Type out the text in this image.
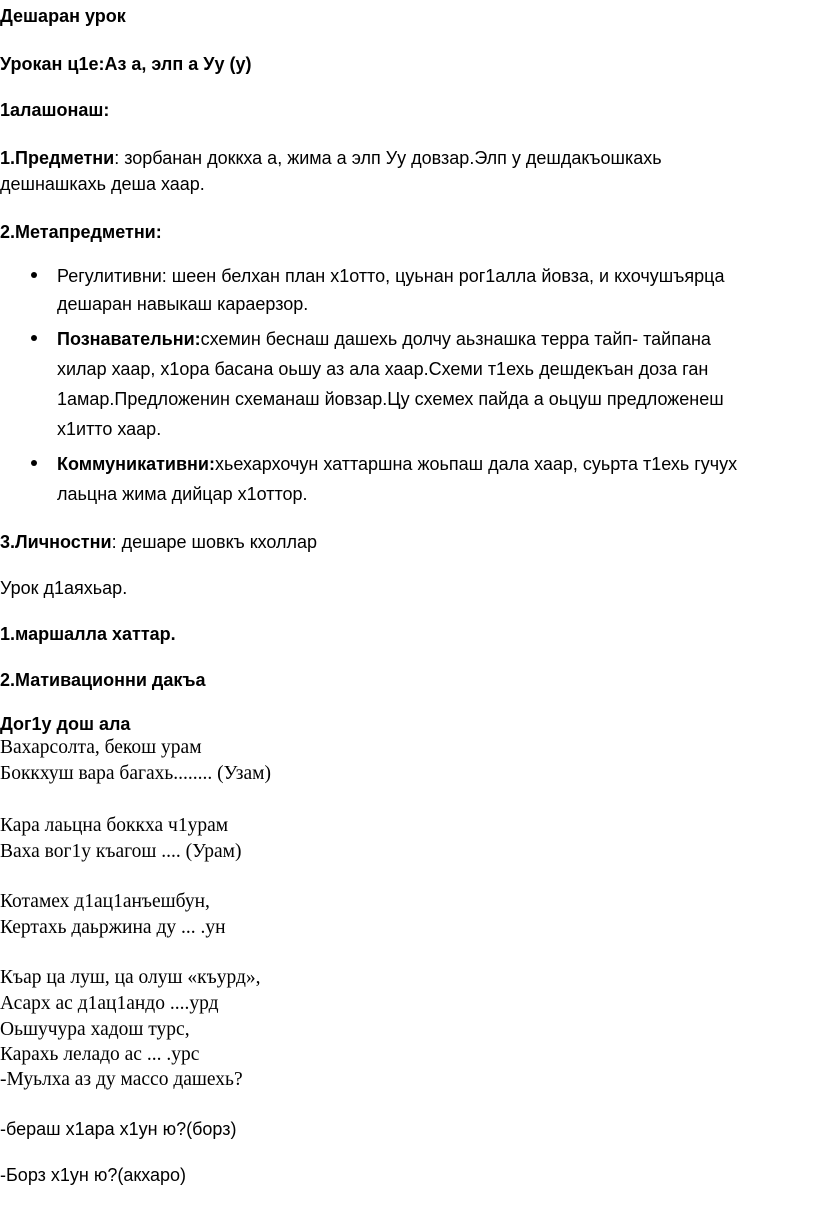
Дешаран урок

Урокан ц1е:Аз а, элп а Уу (у)

1алашонаш:

1.Предметни: зорбанан доккха а, жима а элп Уу довзар.Элп у дешдакъошкахь

дешнашкахь деша хаар.

2.Метапредметни:

Регулитивни: шеен белхан план х1отто, цуьнан рог1алла йовза, и кхочушъярца

дешаран навыкаш караерзор.

Познавательни:схемин беснаш дашехь долчу аьзнашка терра тайп- тайпана

хилар хаар, х1ора басана оьшу аз ала хаар.Схеми т1ехь дешдекъан доза ган

1амар.Предложенин схеманаш йовзар.Цу схемех пайда а оьцуш предложенеш

х1итто хаар.

Коммуникативни:хьехархочун хаттаршна жоьпаш дала хаар, суьрта т1ехь гучух

лаьцна жима дийцар х1оттор.

3.Личностни: дешаре шовкъ кхоллар

Урок д1аяхьар.

1.маршалла хаттар.

2.Мативационни дакъа

Дог1у дош ала

Вахарсолта, бекош урам

Боккхуш вара багахь........ (Узам)

Кара лаьцна боккха ч1урам

Ваха вог1у къагош .... (Урам)

Котамех д1ац1анъешбун,

Кертахь даьржина ду ... .ун

Къар ца луш, ца олуш «къурд»,

Асарх ас д1ац1андо ....урд

Оьшучура хадош турс,

Карахь леладо ас ... .урс

-Муьлха аз ду массо дашехь?

-бераш х1ара х1ун ю?(борз)

-Борз х1ун ю?(акхаро)
